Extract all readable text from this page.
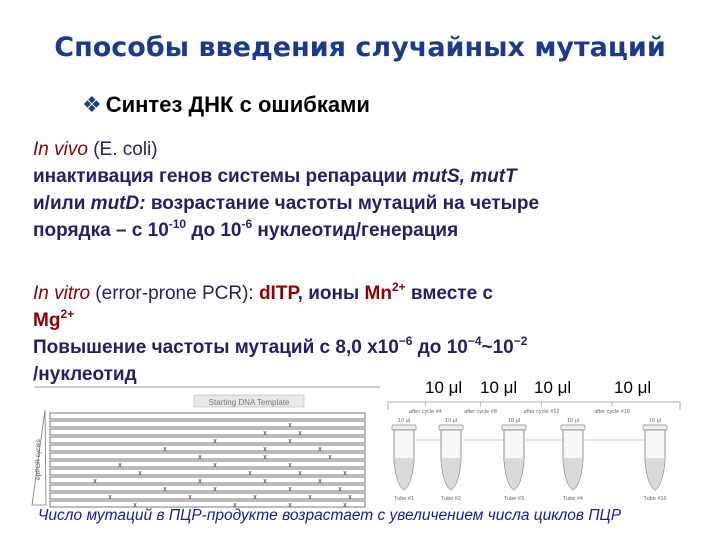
Способы введения случайных мутаций
❖ Синтез ДНК с ошибками
In vivo (E. coli)
инактивация генов системы репарации mutS, mutT
и/или mutD: возрастание частоты мутаций на четыре
порядка – с $10^{-10}$ до $10^{-6}$ нуклеотид/генерация
In vitro (error-prone PCR): dITP, ионы $Mn^{2+}$ вместе с
$Mg^{2+}$
Повышение частоты мутаций с 8,0 $х10^{-6}$ до $10^{-4}\sim 10^{-2}$
/нуклеотид
10 μl 10 μl 10 μl	10 μl
Starting DNA Template
epPCR cycles
x
x	x
x	x
x	x	x
x	x	x
x	x	x
x	x	x	x
x	x	x	x
x	x	x	x
x	x	x	x	x
x	x	x	x
after cycle #4
10 μl
Tube #1
after cycle #8
10 μl
Tube #2
after cycle #12
10 μl
Tube #3
after cycle #16
10 μl
Tube #4
10 μl
Tube #16
Число мутаций в ПЦР-продукте возрастает с увеличением числа циклов ПЦР
